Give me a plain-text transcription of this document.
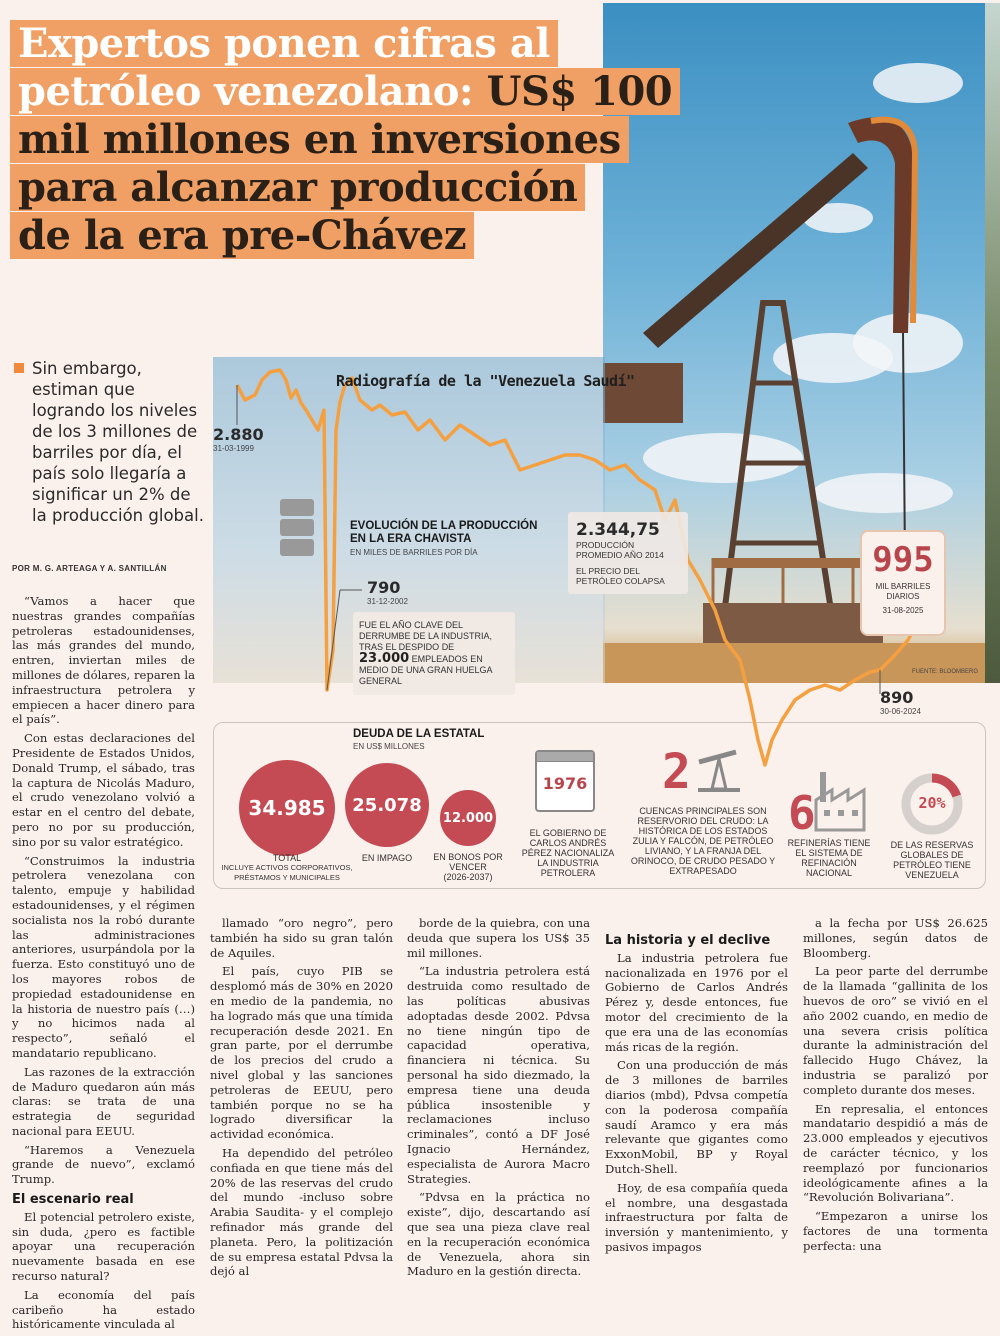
Expertos ponen cifras al
petróleo venezolano: US$ 100
mil millones en inversiones
para alcanzar producción
de la era pre-Chávez

Sin embargo, estiman que logrando los niveles de los 3 millones de barriles por día, el país solo llegaría a significar un 2% de la producción global.

POR M. G. ARTEAGA Y A. SANTILLÁN
Radiografía de la "Venezuela Saudí"
2.880
31-03-1999
EVOLUCIÓN DE LA PRODUCCIÓN EN LA ERA CHAVISTA
EN MILES DE BARRILES POR DÍA
790
31-12-2002
FUE EL AÑO CLAVE DEL DERRUMBE DE LA INDUSTRIA, TRAS EL DESPIDO DE
23.000 EMPLEADOS EN MEDIO DE UNA GRAN HUELGA GENERAL
2.344,75
PRODUCCIÓN PROMEDIO AÑO 2014
EL PRECIO DEL PETRÓLEO COLAPSA
995
MIL BARRILES DIARIOS
31-08-2025
FUENTE: BLOOMBERG
890
30-06-2024
DEUDA DE LA ESTATAL
EN US$ MILLONES
34.985
TOTAL
INCLUYE ACTIVOS CORPORATIVOS, PRÉSTAMOS Y MUNICIPALES
25.078
EN IMPAGO
12.000
EN BONOS POR VENCER
(2026-2037)
1976
EL GOBIERNO DE CARLOS ANDRÉS PÉREZ NACIONALIZA LA INDUSTRIA PETROLERA
2
CUENCAS PRINCIPALES SON RESERVORIO DEL CRUDO: LA HISTÓRICA DE LOS ESTADOS ZULIA Y FALCÓN, DE PETRÓLEO LIVIANO, Y LA FRANJA DEL ORINOCO, DE CRUDO PESADO Y EXTRAPESADO
6
REFINERÍAS TIENE EL SISTEMA DE REFINACIÓN NACIONAL
20%
DE LAS RESERVAS GLOBALES DE PETRÓLEO TIENE VENEZUELA

“Vamos a hacer que nuestras grandes compañías petroleras estadounidenses, las más grandes del mundo, entren, inviertan miles de millones de dólares, reparen la infraestructura petrolera y empiecen a hacer dinero para el país”.

Con estas declaraciones del Presidente de Estados Unidos, Donald Trump, el sábado, tras la captura de Nicolás Maduro, el crudo venezolano volvió a estar en el centro del debate, pero no por su producción, sino por su valor estratégico.

“Construimos la industria petrolera venezolana con talento, empuje y habilidad estadounidenses, y el régimen socialista nos la robó durante las administraciones anteriores, usurpándola por la fuerza. Esto constituyó uno de los mayores robos de propiedad estadounidense en la historia de nuestro país (…) y no hicimos nada al respecto”, señaló el mandatario republicano.

Las razones de la extracción de Maduro quedaron aún más claras: se trata de una estrategia de seguridad nacional para EEUU.

“Haremos a Venezuela grande de nuevo”, exclamó Trump.

El escenario real

El potencial petrolero existe, sin duda, ¿pero es factible apoyar una recuperación nuevamente basada en ese recurso natural?

La economía del país caribeño ha estado históricamente vinculada al

llamado “oro negro”, pero también ha sido su gran talón de Aquiles.

El país, cuyo PIB se desplomó más de 30% en 2020 en medio de la pandemia, no ha logrado más que una tímida recuperación desde 2021. En gran parte, por el derrumbe de los precios del crudo a nivel global y las sanciones petroleras de EEUU, pero también porque no se ha logrado diversificar la actividad económica.

Ha dependido del petróleo confiada en que tiene más del 20% de las reservas del crudo del mundo -incluso sobre Arabia Saudita- y el complejo refinador más grande del planeta. Pero, la politización de su empresa estatal Pdvsa la dejó al

borde de la quiebra, con una deuda que supera los US$ 35 mil millones.

“La industria petrolera está destruida como resultado de las políticas abusivas adoptadas desde 2002. Pdvsa no tiene ningún tipo de capacidad operativa, financiera ni técnica. Su personal ha sido diezmado, la empresa tiene una deuda pública insostenible y reclamaciones incluso criminales”, contó a DF José Ignacio Hernández, especialista de Aurora Macro Strategies.

“Pdvsa en la práctica no existe”, dijo, descartando así que sea una pieza clave real en la recuperación económica de Venezuela, ahora sin Maduro en la gestión directa.

La historia y el declive

La industria petrolera fue nacionalizada en 1976 por el Gobierno de Carlos Andrés Pérez y, desde entonces, fue motor del crecimiento de la que era una de las economías más ricas de la región.

Con una producción de más de 3 millones de barriles diarios (mbd), Pdvsa competía con la poderosa compañía saudí Aramco y era más relevante que gigantes como ExxonMobil, BP y Royal Dutch-Shell.

Hoy, de esa compañía queda el nombre, una desgastada infraestructura por falta de inversión y mantenimiento, y pasivos impagos

a la fecha por US$ 26.625 millones, según datos de Bloomberg.

La peor parte del derrumbe de la llamada “gallinita de los huevos de oro” se vivió en el año 2002 cuando, en medio de una severa crisis política durante la administración del fallecido Hugo Chávez, la industria se paralizó por completo durante dos meses.

En represalia, el entonces mandatario despidió a más de 23.000 empleados y ejecutivos de carácter técnico, y los reemplazó por funcionarios ideológicamente afines a la “Revolución Bolivariana”.

“Empezaron a unirse los factores de una tormenta perfecta: una
